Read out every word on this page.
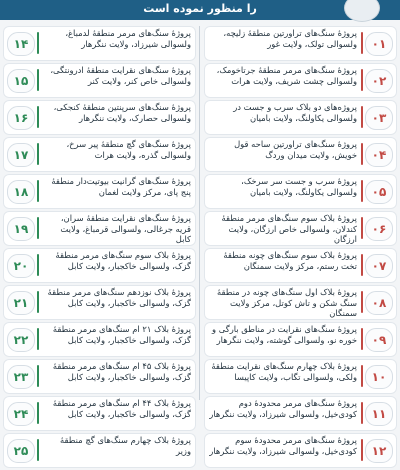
را منظور نموده است
۰۱
پروژۀ سنگ‌های تراورتین منطقۀ زلیچه، ولسوالی تولک، ولایت غور
۰۲
پروژۀ سنگ‌های مرمر منطقۀ جرتاخومک، ولسوالی چشت شریف، ولایت هرات
۰۳
پروژه‌های دو بلاک سرب و جست در ولسوالی یکاولنگ، ولایت بامیان
۰۴
پروژۀ سنگ‌های تراورتین ساحه قول خویش، ولایت میدان وردگ
۰۵
پروژۀ سرب و جست سر سرخک، ولسوالی یکاولنگ، ولایت بامیان
۰۶
پروژۀ بلاک سوم سنگ‌های مرمر منطقۀ کندلان، ولسوالی خاص ارزگان، ولایت ارزگان
۰۷
پروژۀ بلاک سوم سنگ‌های چونه منطقۀ تخت رستم، مرکز ولایت سمنگان
۰۸
پروژۀ بلاک اول سنگ‌های چونه در منطقۀ سنگ شکن و تاش کوتل، مرکز ولایت سمنگان
۰۹
پروژۀ سنگ‌های نقرایت در مناطق بارگی و خوره نو، ولسوالی گوشته، ولایت ننگرهار
۱۰
پروژۀ بلاک چهارم سنگ‌های نقرایت منطقۀ ولکی، ولسوالی تگاب، ولایت کاپیسا
۱۱
پروژۀ سنگ‌های مرمر محدودۀ دوم کودی‌خیل، ولسوالی شیرزاد، ولایت ننگرهار
۱۲
پروژۀ سنگ‌های مرمر محدودۀ سوم کودی‌خیل، ولسوالی شیرزاد، ولایت ننگرهار
۱۴
پروژۀ سنگ‌های مرمر منطقۀ لدمباغ، ولسوالی شیرزاد، ولایت ننگرهار
۱۵
پروژۀ سنگ‌های نقرایت منطقۀ ادرونتگی، ولسوالی خاص کنر، ولایت کنر
۱۶
پروژۀ سنگ‌های سرپنتین منطقۀ کنجکی، ولسوالی حصارک، ولایت ننگرهار
۱۷
پروژۀ سنگ‌های گچ منطقۀ پیر سرخ، ولسوالی گذره، ولایت هرات
۱۸
پروژۀ سنگ‌های گرانیت بیوتیت‌دار منطقۀ پنج پای، مرکز ولایت لغمان
۱۹
پروژۀ سنگ‌های نقرایت منطقۀ سران، قریه جرغالی، ولسوالی قرمباغ، ولایت کابل
۲۰
پروژۀ بلاک سوم سنگ‌های مرمر منطقۀ گزک، ولسوالی خاکجبار، ولایت کابل
۲۱
پروژۀ بلاک نوزدهم سنگ‌های مرمر منطقۀ گزک، ولسوالی خاکجبار، ولایت کابل
۲۲
پروژۀ بلاک ۲۱ ام سنگ‌های مرمر منطقۀ گزک، ولسوالی خاکجبار، ولایت کابل
۲۳
پروژۀ بلاک ۴۵ ام سنگ‌های مرمر منطقۀ گزک، ولسوالی خاکجبار، ولایت کابل
۲۴
پروژۀ بلاک ۴۴ ام سنگ‌های مرمر منطقۀ گزک، ولسوالی خاکجبار، ولایت کابل
۲۵
پروژۀ بلاک چهارم سنگ‌های گچ منطقۀ وزیر
